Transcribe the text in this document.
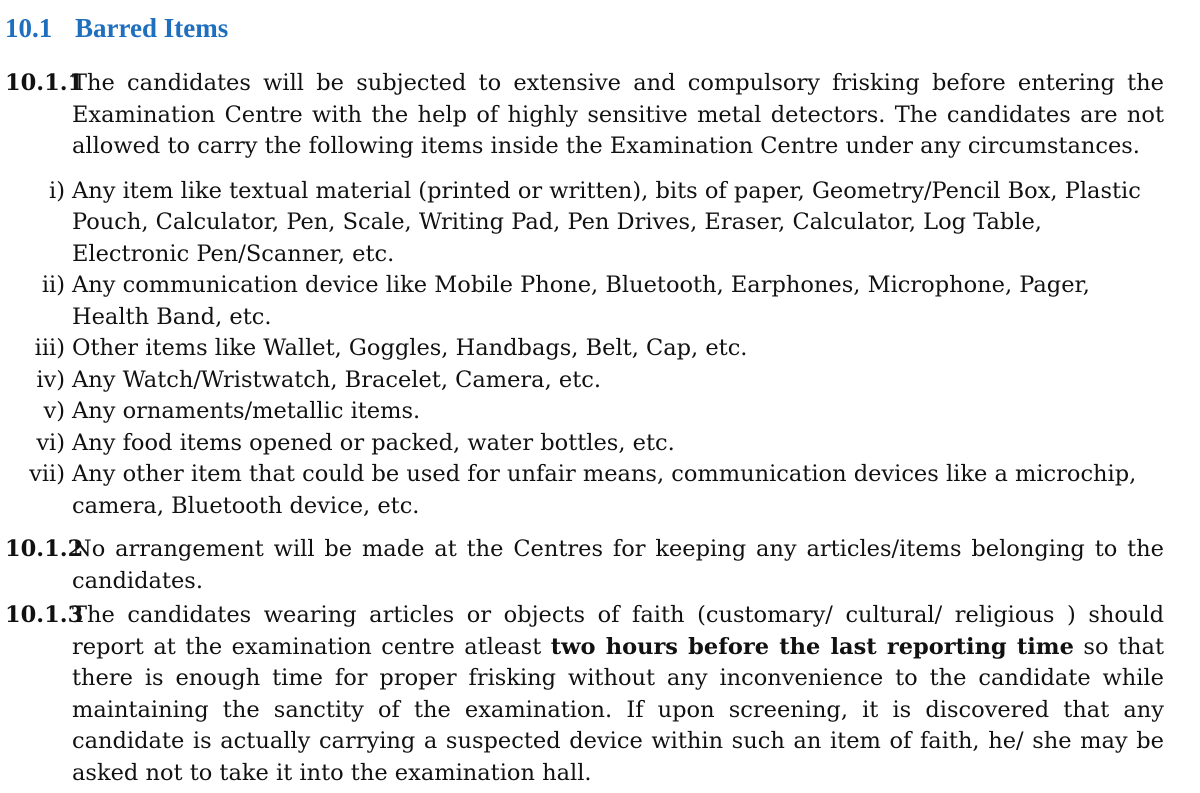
10.1 Barred Items
10.1.1
The candidates will be subjected to extensive and compulsory frisking before entering the Examination Centre with the help of highly sensitive metal detectors. The candidates are not allowed to carry the following items inside the Examination Centre under any circumstances.
i) Any item like textual material (printed or written), bits of paper, Geometry/Pencil Box, Plastic Pouch, Calculator, Pen, Scale, Writing Pad, Pen Drives, Eraser, Calculator, Log Table, Electronic Pen/Scanner, etc.
ii) Any communication device like Mobile Phone, Bluetooth, Earphones, Microphone, Pager, Health Band, etc.
iii) Other items like Wallet, Goggles, Handbags, Belt, Cap, etc.
iv) Any Watch/Wristwatch, Bracelet, Camera, etc.
v) Any ornaments/metallic items.
vi) Any food items opened or packed, water bottles, etc.
vii) Any other item that could be used for unfair means, communication devices like a microchip, camera, Bluetooth device, etc.
10.1.2
No arrangement will be made at the Centres for keeping any articles/items belonging to the candidates.
10.1.3
The candidates wearing articles or objects of faith (customary/ cultural/ religious ) should report at the examination centre atleast two hours before the last reporting time so that there is enough time for proper frisking without any inconvenience to the candidate while maintaining the sanctity of the examination. If upon screening, it is discovered that any candidate is actually carrying a suspected device within such an item of faith, he/ she may be asked not to take it into the examination hall.
